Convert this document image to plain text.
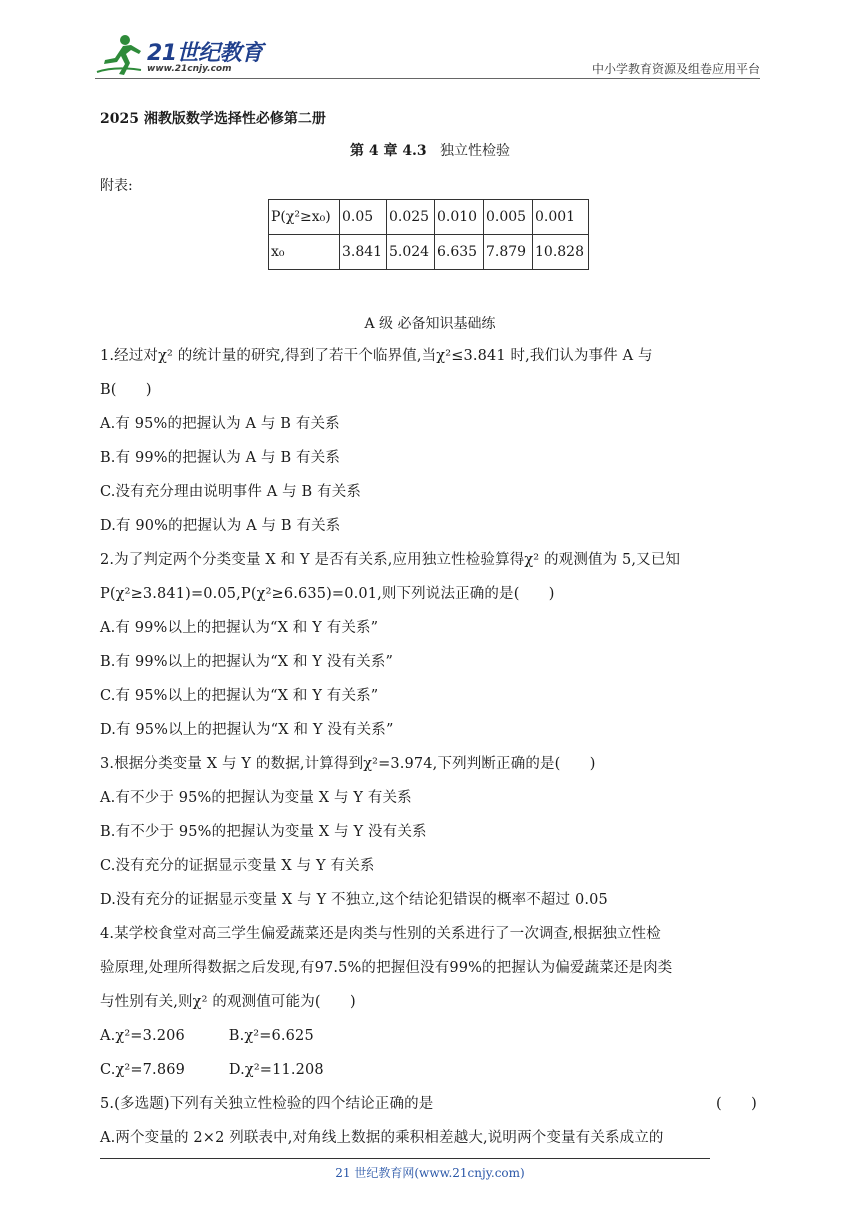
21世纪教育
www.21cnjy.com	中小学教育资源及组卷应用平台
2025 湘教版数学选择性必修第二册
第 4 章 4.3 独立性检验
附表:
P(χ²≥x₀)	0.05	0.025	0.010	0.005	0.001
x₀	3.841	5.024	6.635	7.879	10.828
A 级 必备知识基础练
1.经过对χ² 的统计量的研究,得到了若干个临界值,当χ²≤3.841 时,我们认为事件 A 与
B(　　)
A.有 95%的把握认为 A 与 B 有关系
B.有 99%的把握认为 A 与 B 有关系
C.没有充分理由说明事件 A 与 B 有关系
D.有 90%的把握认为 A 与 B 有关系
2.为了判定两个分类变量 X 和 Y 是否有关系,应用独立性检验算得χ² 的观测值为 5,又已知
P(χ²≥3.841)=0.05,P(χ²≥6.635)=0.01,则下列说法正确的是(　　)
A.有 99%以上的把握认为“X 和 Y 有关系”
B.有 99%以上的把握认为“X 和 Y 没有关系”
C.有 95%以上的把握认为“X 和 Y 有关系”
D.有 95%以上的把握认为“X 和 Y 没有关系”
3.根据分类变量 X 与 Y 的数据,计算得到χ²=3.974,下列判断正确的是(　　)
A.有不少于 95%的把握认为变量 X 与 Y 有关系
B.有不少于 95%的把握认为变量 X 与 Y 没有关系
C.没有充分的证据显示变量 X 与 Y 有关系
D.没有充分的证据显示变量 X 与 Y 不独立,这个结论犯错误的概率不超过 0.05
4.某学校食堂对高三学生偏爱蔬菜还是肉类与性别的关系进行了一次调查,根据独立性检
验原理,处理所得数据之后发现,有97.5%的把握但没有99%的把握认为偏爱蔬菜还是肉类
与性别有关,则χ² 的观测值可能为(　　)
A.χ²=3.206　　　B.χ²=6.625
C.χ²=7.869　　　D.χ²=11.208
5.(多选题)下列有关独立性检验的四个结论正确的是	(　　)
A.两个变量的 2×2 列联表中,对角线上数据的乘积相差越大,说明两个变量有关系成立的
21 世纪教育网(www.21cnjy.com)
